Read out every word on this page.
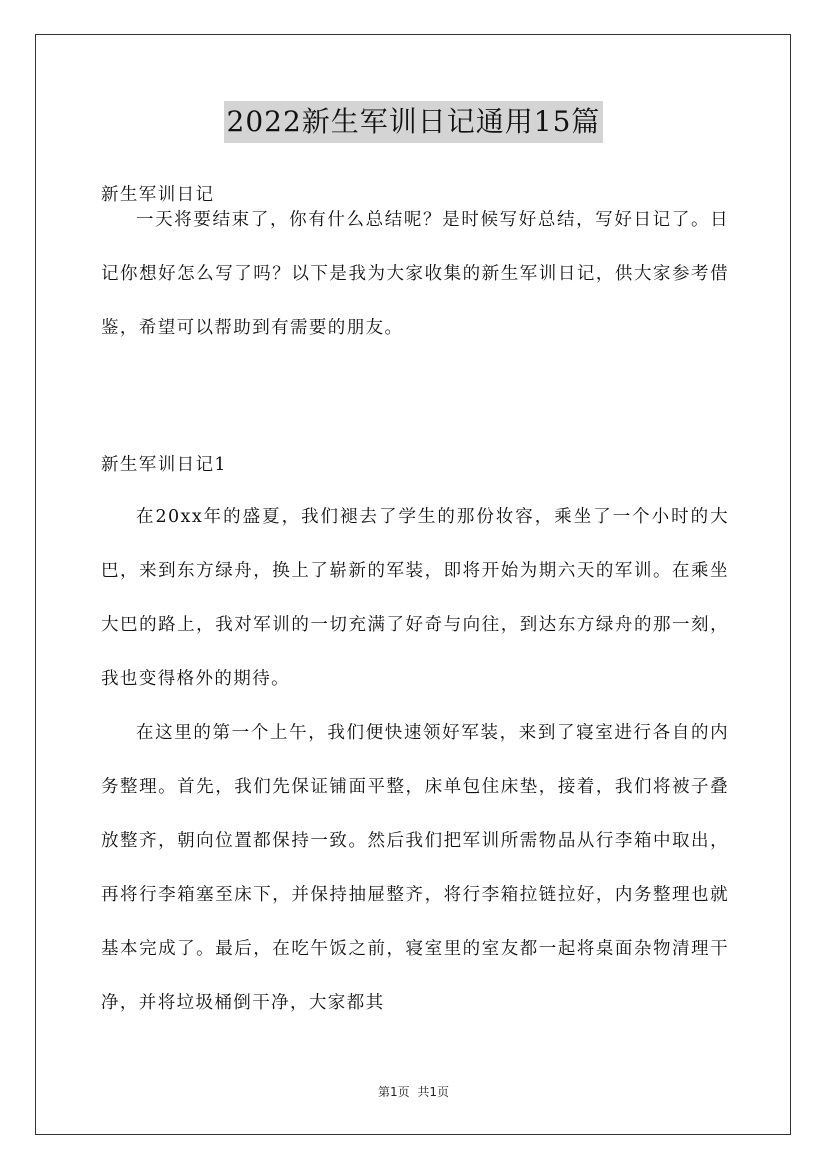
2022新生军训日记通用15篇
新生军训日记

一天将要结束了，你有什么总结呢？是时候写好总结，写好日记了。日记你想好怎么写了吗？以下是我为大家收集的新生军训日记，供大家参考借鉴，希望可以帮助到有需要的朋友。

新生军训日记1

在20xx年的盛夏，我们褪去了学生的那份妆容，乘坐了一个小时的大巴，来到东方绿舟，换上了崭新的军装，即将开始为期六天的军训。在乘坐大巴的路上，我对军训的一切充满了好奇与向往，到达东方绿舟的那一刻，我也变得格外的期待。

在这里的第一个上午，我们便快速领好军装，来到了寝室进行各自的内务整理。首先，我们先保证铺面平整，床单包住床垫，接着，我们将被子叠放整齐，朝向位置都保持一致。然后我们把军训所需物品从行李箱中取出，再将行李箱塞至床下，并保持抽屉整齐，将行李箱拉链拉好，内务整理也就基本完成了。最后，在吃午饭之前，寝室里的室友都一起将桌面杂物清理干净，并将垃圾桶倒干净，大家都其

第1页 共1页
